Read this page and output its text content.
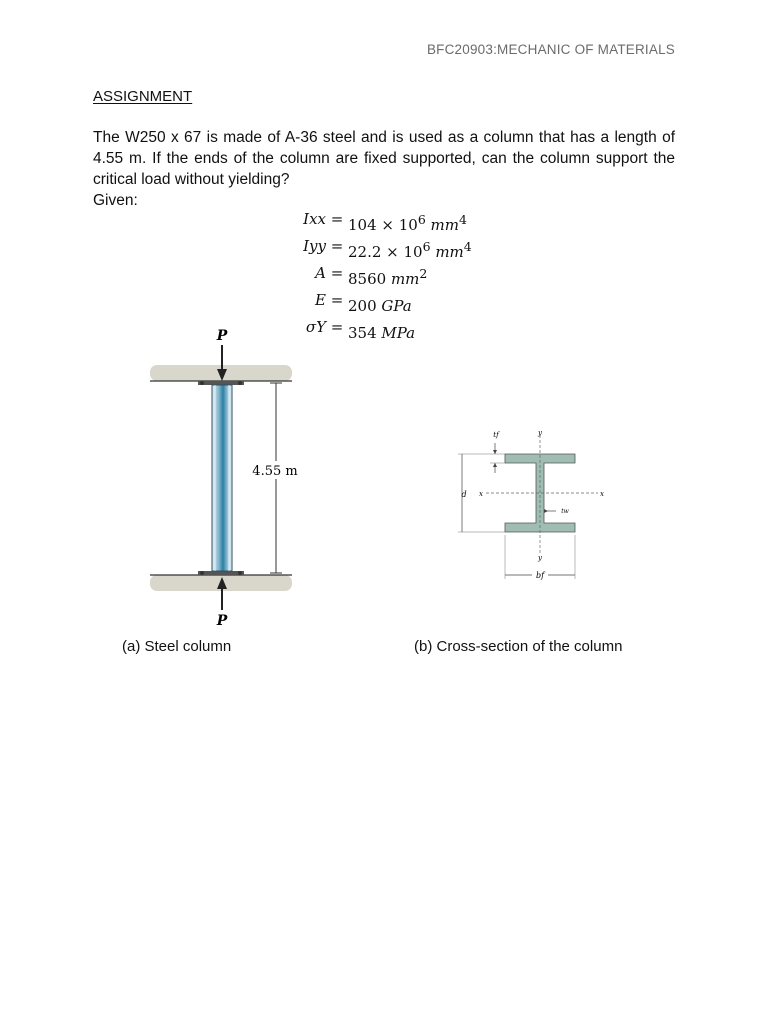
BFC20903:MECHANIC OF MATERIALS
ASSIGNMENT
The W250 x 67 is made of A-36 steel and is used as a column that has a length of 4.55 m. If the ends of the column are fixed supported, can the column support the critical load without yielding?
Given:
Ixx = $104 \times 10^6$ $mm^4$
Iyy = $22.2 \times 10^6$ $mm^4$
A = 8560 $mm^2$
E = 200 GPa
σY = 354 MPa
P
P
4.55 m
(a) Steel column
y
y
x	x
d
tf
tw
bf
(b) Cross-section of the column
